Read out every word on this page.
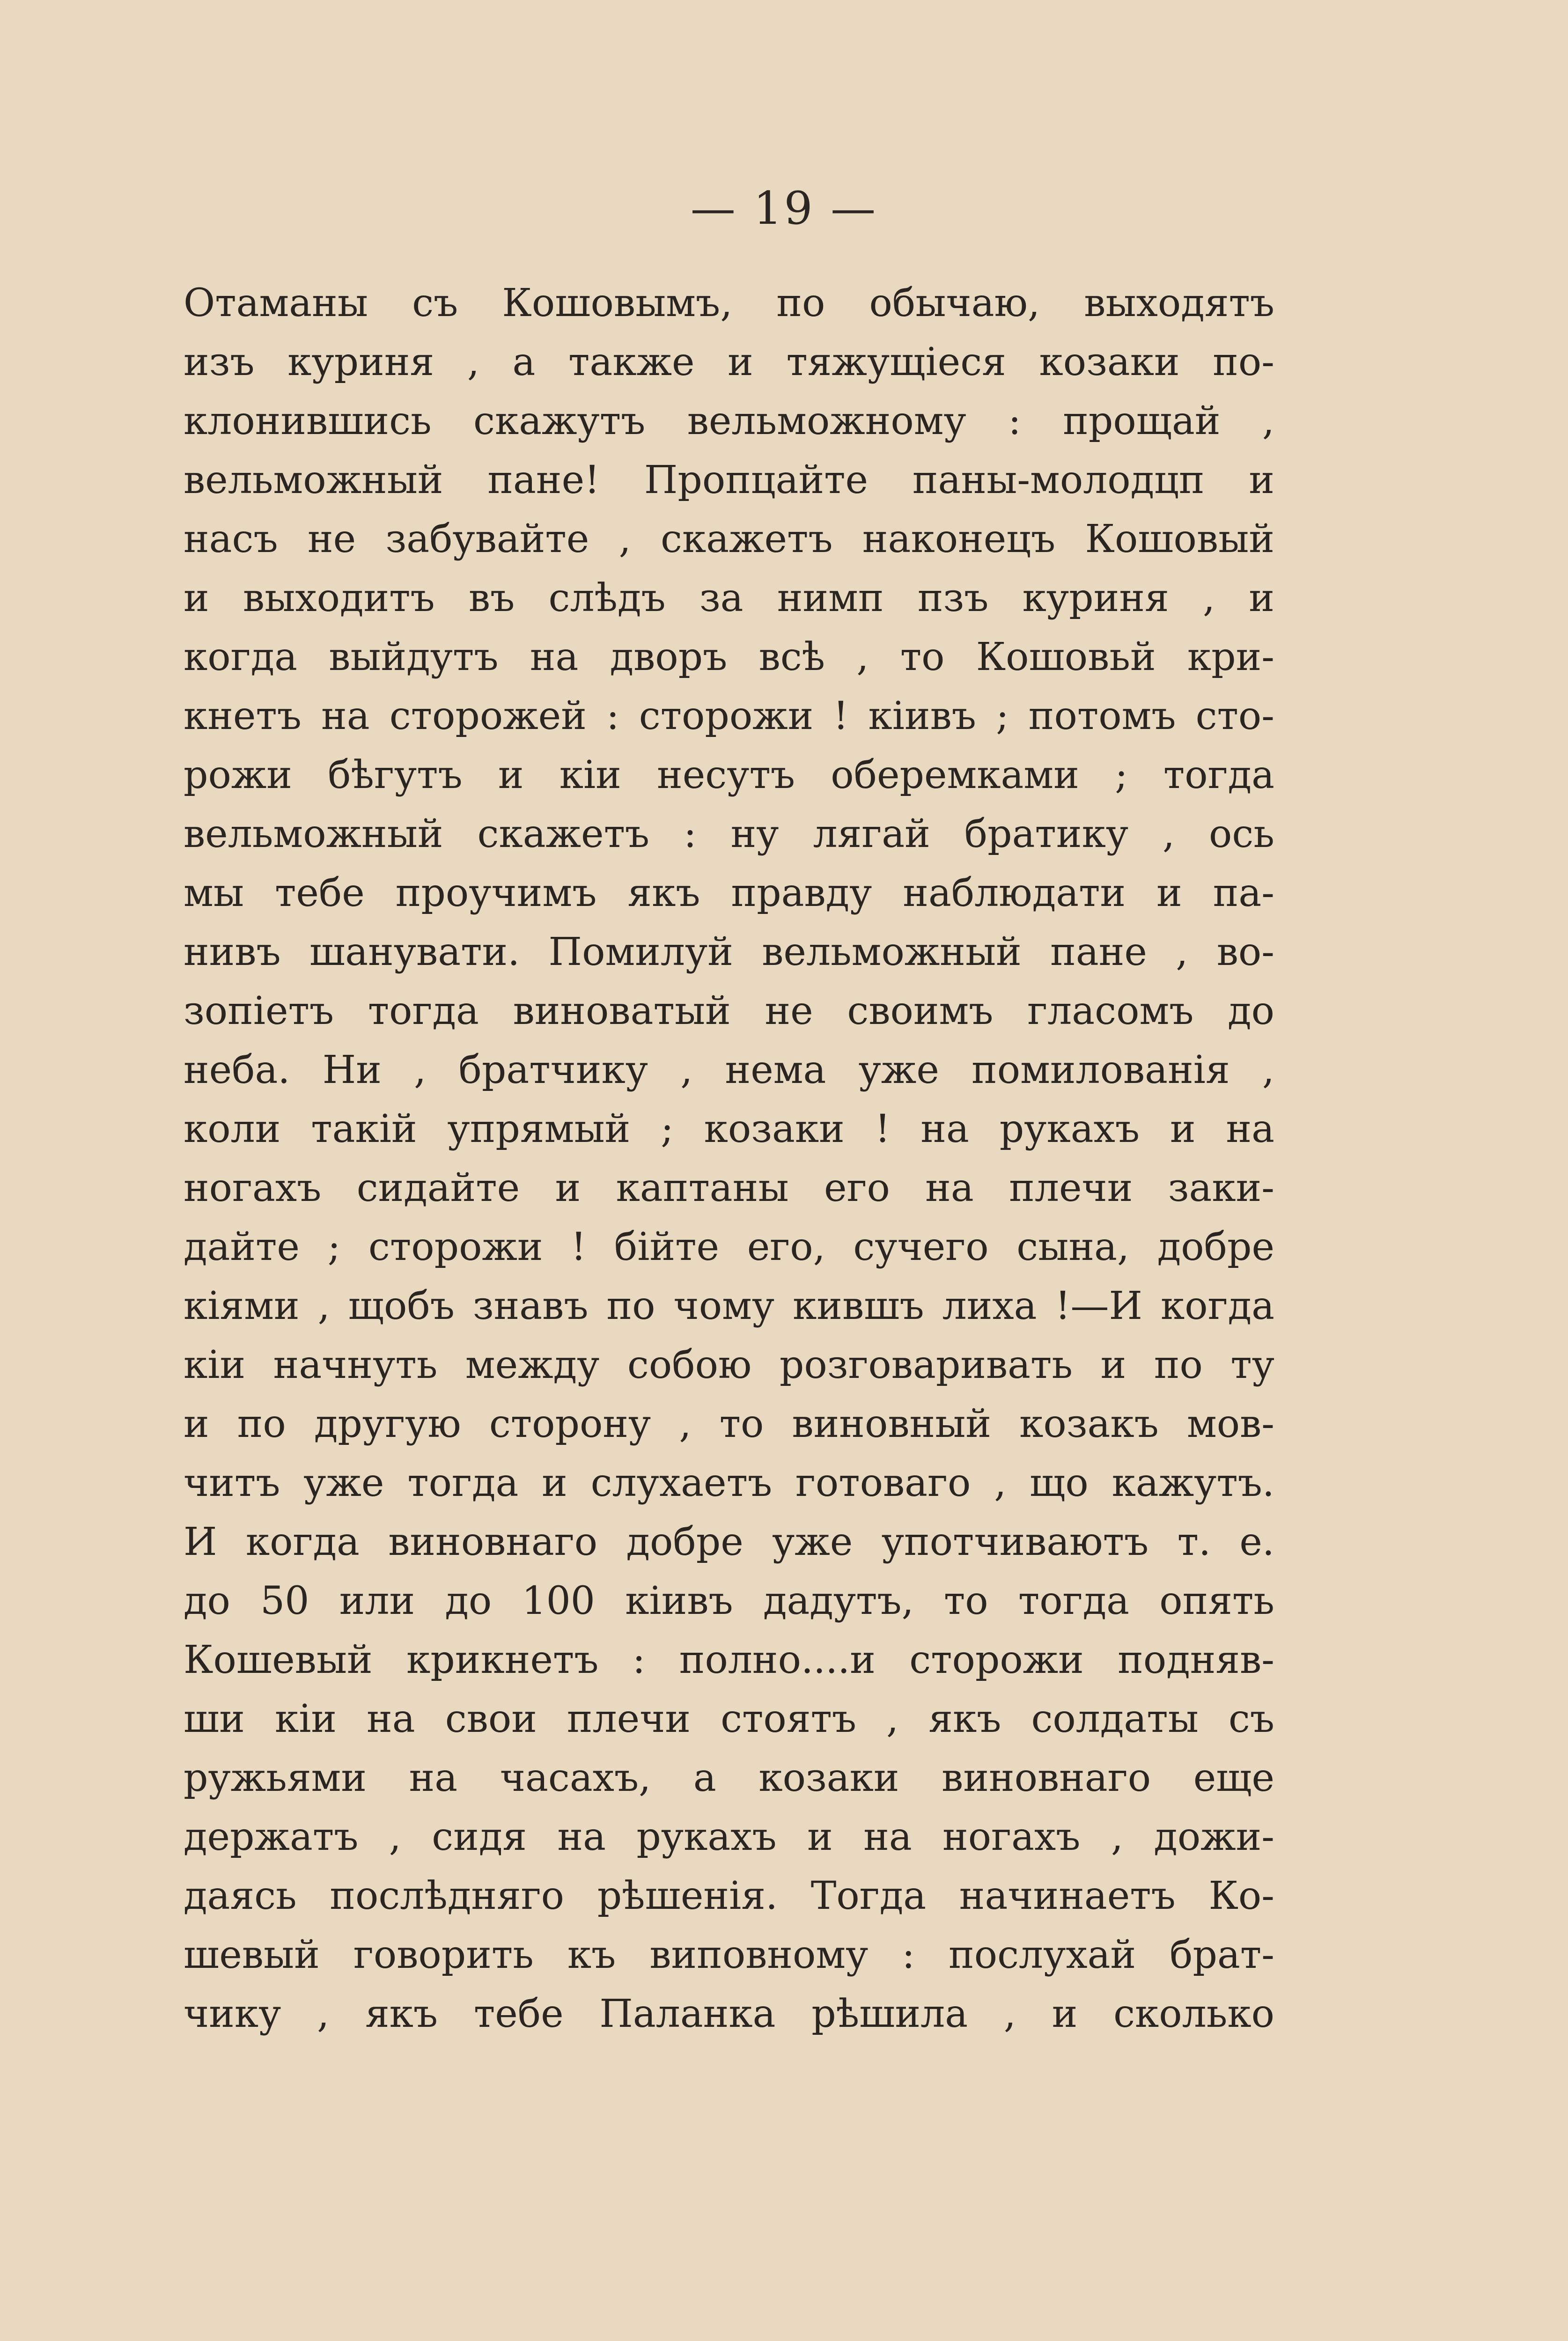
— 19 —
Отаманы съ Кошовымъ, по обычаю, выходятъ
изъ куриня , а также и тяжущіеся козаки по-
клонившись скажутъ вельможному : прощай ,
вельможный пане! Пропцайте паны-молодцп и
насъ не забувайте , скажетъ наконецъ Кошовый
и выходитъ въ слѣдъ за нимп пзъ куриня , и
когда выйдутъ на дворъ всѣ , то Кошовьй кри-
кнетъ на сторожей : сторожи ! кіивъ ; потомъ сто-
рожи бѣгутъ и кіи несутъ оберемками ; тогда
вельможный скажетъ : ну лягай братику , ось
мы тебе проучимъ якъ правду наблюдати и па-
нивъ шанувати. Помилуй вельможный пане , во-
зопіетъ тогда виноватый не своимъ гласомъ до
неба. Ни , братчику , нема уже помилованія ,
коли такій упрямый ; козаки ! на рукахъ и на
ногахъ сидайте и каптаны его на плечи заки-
дайте ; сторожи ! бійте его, сучего сына, добре
кіями , щобъ знавъ по чому кившъ лиха !—И когда
кіи начнуть между собою розговаривать и по ту
и по другую сторону , то виновный козакъ мов-
читъ уже тогда и слухаетъ готоваго , що кажутъ.
И когда виновнаго добре уже употчиваютъ т. е.
до 50 или до 100 кіивъ дадутъ, то тогда опять
Кошевый крикнетъ : полно....и сторожи подняв-
ши кіи на свои плечи стоятъ , якъ солдаты съ
ружьями на часахъ, а козаки виновнаго еще
держатъ , сидя на рукахъ и на ногахъ , дожи-
даясь послѣдняго рѣшенія. Тогда начинаетъ Ко-
шевый говорить къ виповному : послухай брат-
чику , якъ тебе Паланка рѣшила , и сколько
